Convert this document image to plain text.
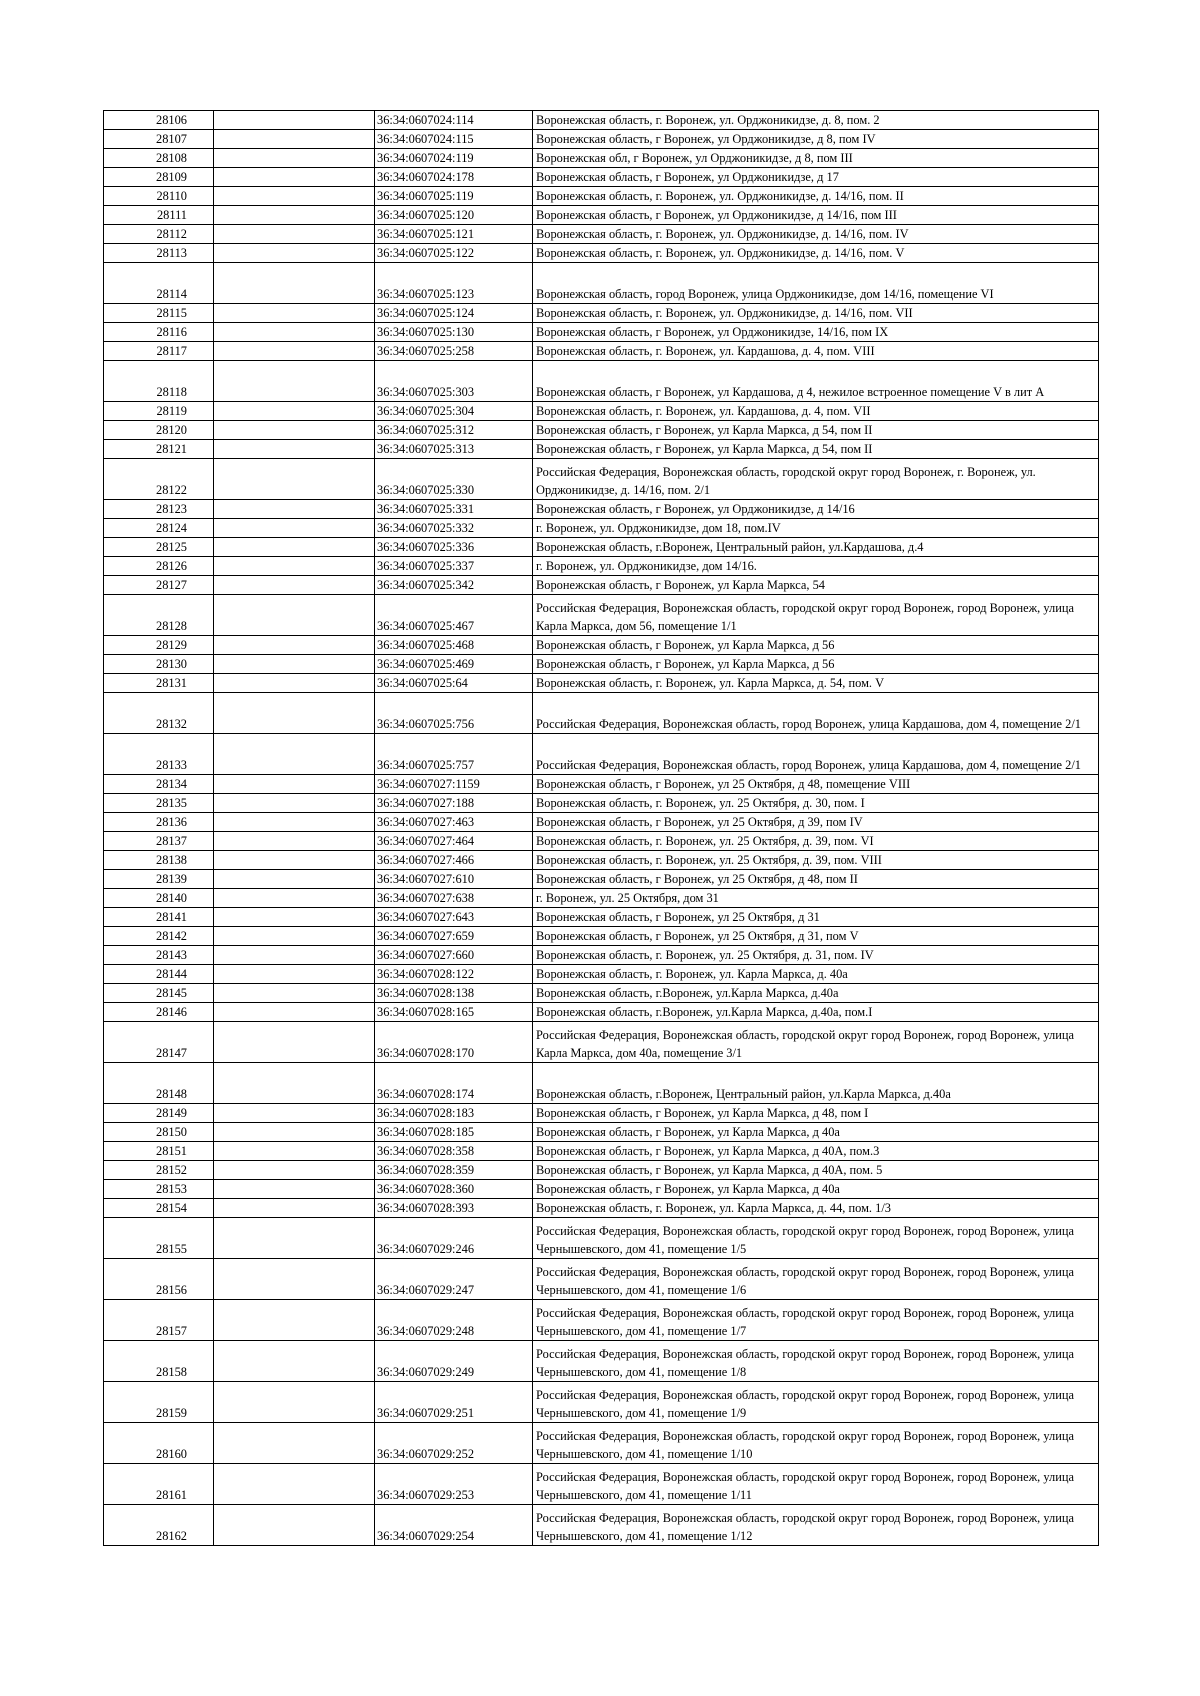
28106		36:34:0607024:114	Воронежская область, г. Воронеж, ул. Орджоникидзе, д. 8, пом. 2
28107		36:34:0607024:115	Воронежская область, г Воронеж, ул Орджоникидзе, д 8, пом IV
28108		36:34:0607024:119	Воронежская обл, г Воронеж, ул Орджоникидзе, д 8, пом III
28109		36:34:0607024:178	Воронежская область, г Воронеж, ул Орджоникидзе, д 17
28110		36:34:0607025:119	Воронежская область, г. Воронеж, ул. Орджоникидзе, д. 14/16, пом. II
28111		36:34:0607025:120	Воронежская область, г Воронеж, ул Орджоникидзе, д 14/16, пом III
28112		36:34:0607025:121	Воронежская область, г. Воронеж, ул. Орджоникидзе, д. 14/16, пом. IV
28113		36:34:0607025:122	Воронежская область, г. Воронеж, ул. Орджоникидзе, д. 14/16, пом. V
28114		36:34:0607025:123	Воронежская область, город Воронеж, улица Орджоникидзе, дом 14/16, помещение VI
28115		36:34:0607025:124	Воронежская область, г. Воронеж, ул. Орджоникидзе, д. 14/16, пом. VII
28116		36:34:0607025:130	Воронежская область, г Воронеж, ул Орджоникидзе, 14/16, пом IX
28117		36:34:0607025:258	Воронежская область, г. Воронеж, ул. Кардашова, д. 4, пом. VIII
28118		36:34:0607025:303	Воронежская область, г Воронеж, ул Кардашова, д 4, нежилое встроенное помещение V в лит А
28119		36:34:0607025:304	Воронежская область, г. Воронеж, ул. Кардашова, д. 4, пом. VII
28120		36:34:0607025:312	Воронежская область, г Воронеж, ул Карла Маркса, д 54, пом II
28121		36:34:0607025:313	Воронежская область, г Воронеж, ул Карла Маркса, д 54, пом II
28122		36:34:0607025:330	Российская Федерация, Воронежская область, городской округ город Воронеж, г. Воронеж, ул. Орджоникидзе, д. 14/16, пом. 2/1
28123		36:34:0607025:331	Воронежская область, г Воронеж, ул Орджоникидзе, д 14/16
28124		36:34:0607025:332	г. Воронеж, ул. Орджоникидзе, дом 18, пом.IV
28125		36:34:0607025:336	Воронежская область, г.Воронеж, Центральный район, ул.Кардашова, д.4
28126		36:34:0607025:337	г. Воронеж, ул. Орджоникидзе, дом 14/16.
28127		36:34:0607025:342	Воронежская область, г Воронеж, ул Карла Маркса, 54
28128		36:34:0607025:467	Российская Федерация, Воронежская область, городской округ город Воронеж, город Воронеж, улица Карла Маркса, дом 56, помещение 1/1
28129		36:34:0607025:468	Воронежская область, г Воронеж, ул Карла Маркса, д 56
28130		36:34:0607025:469	Воронежская область, г Воронеж, ул Карла Маркса, д 56
28131		36:34:0607025:64	Воронежская область, г. Воронеж, ул. Карла Маркса, д. 54, пом. V
28132		36:34:0607025:756	Российская Федерация, Воронежская область, город Воронеж, улица Кардашова, дом 4, помещение 2/1
28133		36:34:0607025:757	Российская Федерация, Воронежская область, город Воронеж, улица Кардашова, дом 4, помещение 2/1
28134		36:34:0607027:1159	Воронежская область, г Воронеж, ул 25 Октября, д 48, помещение VIII
28135		36:34:0607027:188	Воронежская область, г. Воронеж, ул. 25 Октября, д. 30, пом. I
28136		36:34:0607027:463	Воронежская область, г Воронеж, ул 25 Октября, д 39, пом IV
28137		36:34:0607027:464	Воронежская область, г. Воронеж, ул. 25 Октября, д. 39, пом. VI
28138		36:34:0607027:466	Воронежская область, г. Воронеж, ул. 25 Октября, д. 39, пом. VIII
28139		36:34:0607027:610	Воронежская область, г Воронеж, ул 25 Октября, д 48, пом II
28140		36:34:0607027:638	г. Воронеж, ул. 25 Октября, дом 31
28141		36:34:0607027:643	Воронежская область, г Воронеж, ул 25 Октября, д 31
28142		36:34:0607027:659	Воронежская область, г Воронеж, ул 25 Октября, д 31, пом V
28143		36:34:0607027:660	Воронежская область, г. Воронеж, ул. 25 Октября, д. 31, пом. IV
28144		36:34:0607028:122	Воронежская область, г. Воронеж, ул. Карла Маркса, д. 40а
28145		36:34:0607028:138	Воронежская область, г.Воронеж, ул.Карла Маркса, д.40а
28146		36:34:0607028:165	Воронежская область, г.Воронеж, ул.Карла Маркса, д.40а, пом.I
28147		36:34:0607028:170	Российская Федерация, Воронежская область, городской округ город Воронеж, город Воронеж, улица Карла Маркса, дом 40а, помещение 3/1
28148		36:34:0607028:174	Воронежская область, г.Воронеж, Центральный район, ул.Карла Маркса, д.40а
28149		36:34:0607028:183	Воронежская область, г Воронеж, ул Карла Маркса, д 48, пом I
28150		36:34:0607028:185	Воронежская область, г Воронеж, ул Карла Маркса, д 40а
28151		36:34:0607028:358	Воронежская область, г Воронеж, ул Карла Маркса, д 40А, пом.3
28152		36:34:0607028:359	Воронежская область, г Воронеж, ул Карла Маркса, д 40А, пом. 5
28153		36:34:0607028:360	Воронежская область, г Воронеж, ул Карла Маркса, д 40а
28154		36:34:0607028:393	Воронежская область, г. Воронеж, ул. Карла Маркса, д. 44, пом. 1/3
28155		36:34:0607029:246	Российская Федерация, Воронежская область, городской округ город Воронеж, город Воронеж, улица Чернышевского, дом 41, помещение 1/5
28156		36:34:0607029:247	Российская Федерация, Воронежская область, городской округ город Воронеж, город Воронеж, улица Чернышевского, дом 41, помещение 1/6
28157		36:34:0607029:248	Российская Федерация, Воронежская область, городской округ город Воронеж, город Воронеж, улица Чернышевского, дом 41, помещение 1/7
28158		36:34:0607029:249	Российская Федерация, Воронежская область, городской округ город Воронеж, город Воронеж, улица Чернышевского, дом 41, помещение 1/8
28159		36:34:0607029:251	Российская Федерация, Воронежская область, городской округ город Воронеж, город Воронеж, улица Чернышевского, дом 41, помещение 1/9
28160		36:34:0607029:252	Российская Федерация, Воронежская область, городской округ город Воронеж, город Воронеж, улица Чернышевского, дом 41, помещение 1/10
28161		36:34:0607029:253	Российская Федерация, Воронежская область, городской округ город Воронеж, город Воронеж, улица Чернышевского, дом 41, помещение 1/11
28162		36:34:0607029:254	Российская Федерация, Воронежская область, городской округ город Воронеж, город Воронеж, улица Чернышевского, дом 41, помещение 1/12
